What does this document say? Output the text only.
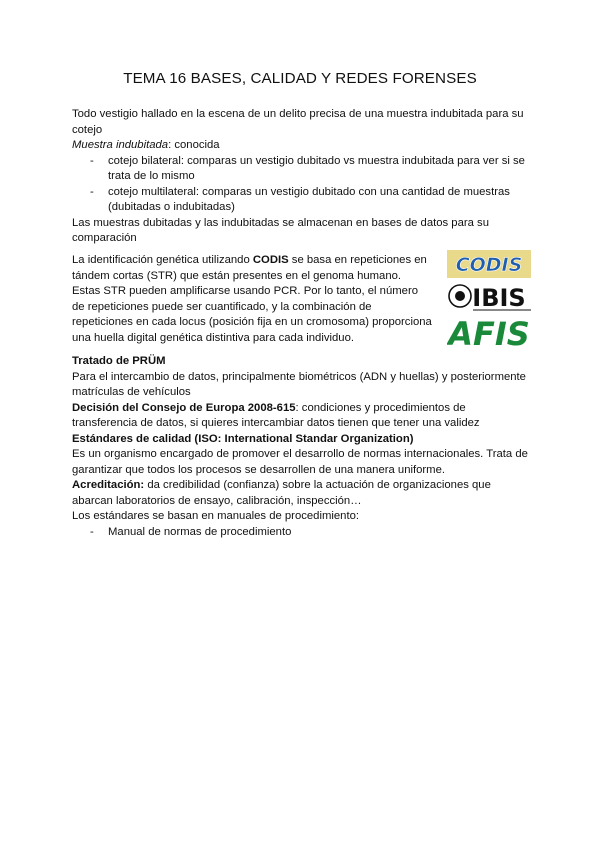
TEMA 16 BASES, CALIDAD Y REDES FORENSES

Todo vestigio hallado en la escena de un delito precisa de una muestra indubitada para su cotejo

Muestra indubitada: conocida

- cotejo bilateral: comparas un vestigio dubitado vs muestra indubitada para ver si se trata de lo mismo
- cotejo multilateral: comparas un vestigio dubitado con una cantidad de muestras (dubitadas o indubitadas)

Las muestras dubitadas y las indubitadas se almacenan en bases de datos para su comparación

La identificación genética utilizando CODIS se basa en repeticiones en tándem cortas (STR) que están presentes en el genoma humano. Estas STR pueden amplificarse usando PCR. Por lo tanto, el número de repeticiones puede ser cuantificado, y la combinación de repeticiones en cada locus (posición fija en un cromosoma) proporciona una huella digital genética distintiva para cada individuo.

CODIS
IBIS
AFIS

Tratado de PRÜM

Para el intercambio de datos, principalmente biométricos (ADN y huellas) y posteriormente matrículas de vehículos

Decisión del Consejo de Europa 2008-615: condiciones y procedimientos de transferencia de datos, si quieres intercambiar datos tienen que tener una validez

Estándares de calidad (ISO: International Standar Organization)

Es un organismo encargado de promover el desarrollo de normas internacionales. Trata de garantizar que todos los procesos se desarrollen de una manera uniforme.

Acreditación: da credibilidad (confianza) sobre la actuación de organizaciones que abarcan laboratorios de ensayo, calibración, inspección…

Los estándares se basan en manuales de procedimiento:

- Manual de normas de procedimiento
